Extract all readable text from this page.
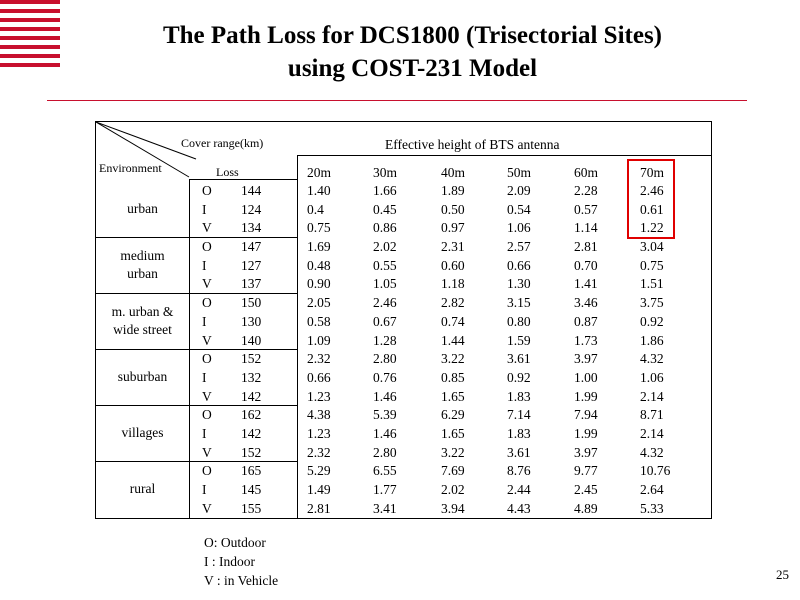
The Path Loss for DCS1800 (Trisectorial Sites)
using COST-231 Model
Cover range(km)
Environment	Loss
Effective height of BTS antenna
20m	30m	40m	50m	60m	70m
O 144	1.40	1.66	1.89	2.09	2.28	2.46
I	124	0.4	0.45	0.50	0.54	0.57	0.61
V 134	0.75	0.86	0.97	1.06	1.14	1.22
urban
O 147	1.69	2.02	2.31	2.57	2.81	3.04
I	127	0.48	0.55	0.60	0.66	0.70	0.75
V 137	0.90	1.05	1.18	1.30	1.41	1.51
medium
urban
O 150	2.05	2.46	2.82	3.15	3.46	3.75
I	130	0.58	0.67	0.74	0.80	0.87	0.92
V 140	1.09	1.28	1.44	1.59	1.73	1.86
m. urban &
wide street
O 152	2.32	2.80	3.22	3.61	3.97	4.32
I	132	0.66	0.76	0.85	0.92	1.00	1.06
V 142	1.23	1.46	1.65	1.83	1.99	2.14
suburban
O 162	4.38	5.39	6.29	7.14	7.94	8.71
I	142	1.23	1.46	1.65	1.83	1.99	2.14
V 152	2.32	2.80	3.22	3.61	3.97	4.32
villages
O 165	5.29	6.55	7.69	8.76	9.77	10.76
I	145	1.49	1.77	2.02	2.44	2.45	2.64
V 155	2.81	3.41	3.94	4.43	4.89	5.33
rural
O: Outdoor
I : Indoor
V : in Vehicle	25
